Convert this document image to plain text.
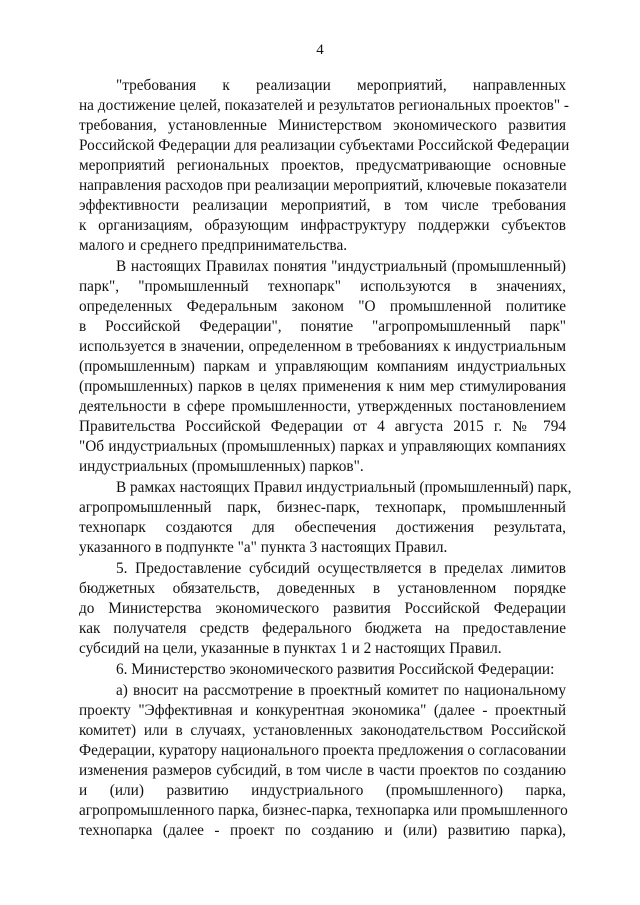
4
"требования к реализации мероприятий, направленных
на достижение целей, показателей и результатов региональных проектов" -
требования, установленные Министерством экономического развития
Российской Федерации для реализации субъектами Российской Федерации
мероприятий региональных проектов, предусматривающие основные
направления расходов при реализации мероприятий, ключевые показатели
эффективности реализации мероприятий, в том числе требования
к организациям, образующим инфраструктуру поддержки субъектов
малого и среднего предпринимательства.
В настоящих Правилах понятия "индустриальный (промышленный)
парк", "промышленный технопарк" используются в значениях,
определенных Федеральным законом "О промышленной политике
в Российской Федерации", понятие "агропромышленный парк"
используется в значении, определенном в требованиях к индустриальным
(промышленным) паркам и управляющим компаниям индустриальных
(промышленных) парков в целях применения к ним мер стимулирования
деятельности в сфере промышленности, утвержденных постановлением
Правительства Российской Федерации от 4 августа 2015 г. № 794
"Об индустриальных (промышленных) парках и управляющих компаниях
индустриальных (промышленных) парков".
В рамках настоящих Правил индустриальный (промышленный) парк,
агропромышленный парк, бизнес-парк, технопарк, промышленный
технопарк создаются для обеспечения достижения результата,
указанного в подпункте "а" пункта 3 настоящих Правил.
5. Предоставление субсидий осуществляется в пределах лимитов
бюджетных обязательств, доведенных в установленном порядке
до Министерства экономического развития Российской Федерации
как получателя средств федерального бюджета на предоставление
субсидий на цели, указанные в пунктах 1 и 2 настоящих Правил.
6. Министерство экономического развития Российской Федерации:
а) вносит на рассмотрение в проектный комитет по национальному
проекту "Эффективная и конкурентная экономика" (далее - проектный
комитет) или в случаях, установленных законодательством Российской
Федерации, куратору национального проекта предложения о согласовании
изменения размеров субсидий, в том числе в части проектов по созданию
и (или) развитию индустриального (промышленного) парка,
агропромышленного парка, бизнес-парка, технопарка или промышленного
технопарка (далее - проект по созданию и (или) развитию парка),
